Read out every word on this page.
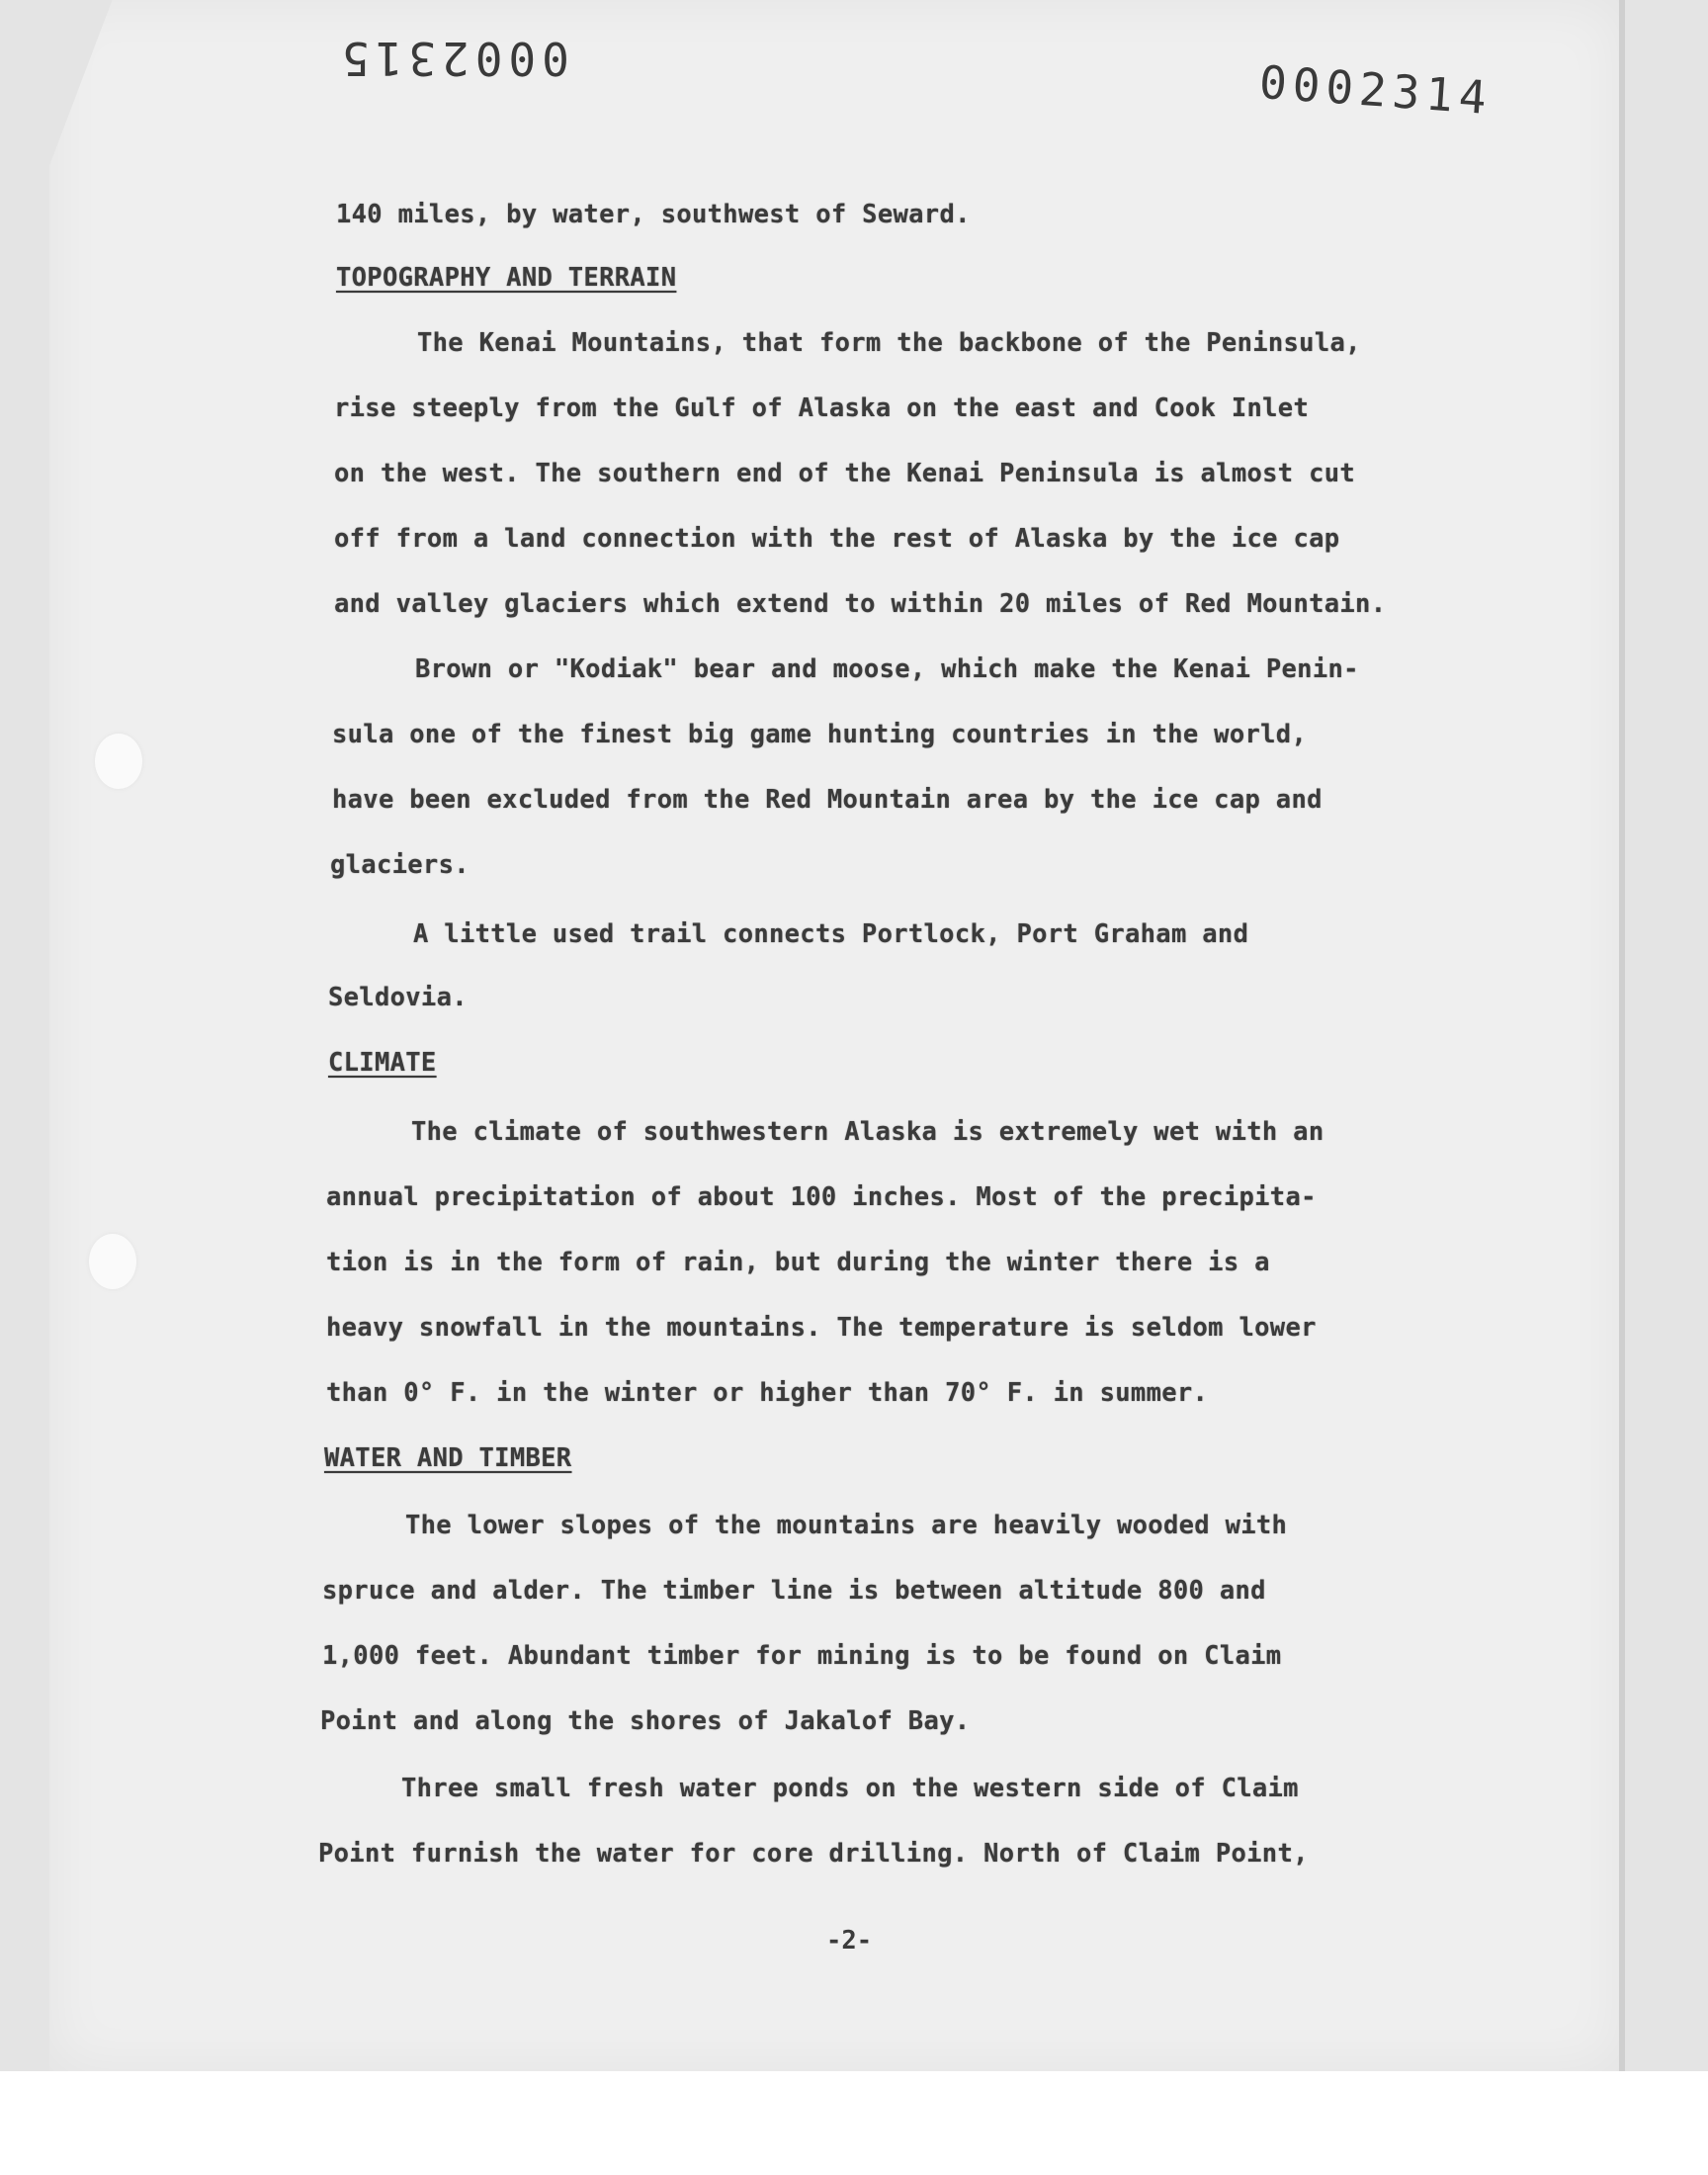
0002315	0002314
140 miles, by water, southwest of Seward.
TOPOGRAPHY AND TERRAIN
The Kenai Mountains, that form the backbone of the Peninsula,
rise steeply from the Gulf of Alaska on the east and Cook Inlet
on the west. The southern end of the Kenai Peninsula is almost cut
off from a land connection with the rest of Alaska by the ice cap
and valley glaciers which extend to within 20 miles of Red Mountain.
Brown or "Kodiak" bear and moose, which make the Kenai Penin-
sula one of the finest big game hunting countries in the world,
have been excluded from the Red Mountain area by the ice cap and
glaciers.
A little used trail connects Portlock, Port Graham and
Seldovia.
CLIMATE
The climate of southwestern Alaska is extremely wet with an
annual precipitation of about 100 inches. Most of the precipita-
tion is in the form of rain, but during the winter there is a
heavy snowfall in the mountains. The temperature is seldom lower
than 0° F. in the winter or higher than 70° F. in summer.
WATER AND TIMBER
The lower slopes of the mountains are heavily wooded with
spruce and alder. The timber line is between altitude 800 and
1,000 feet. Abundant timber for mining is to be found on Claim
Point and along the shores of Jakalof Bay.
Three small fresh water ponds on the western side of Claim
Point furnish the water for core drilling. North of Claim Point,
-2-
